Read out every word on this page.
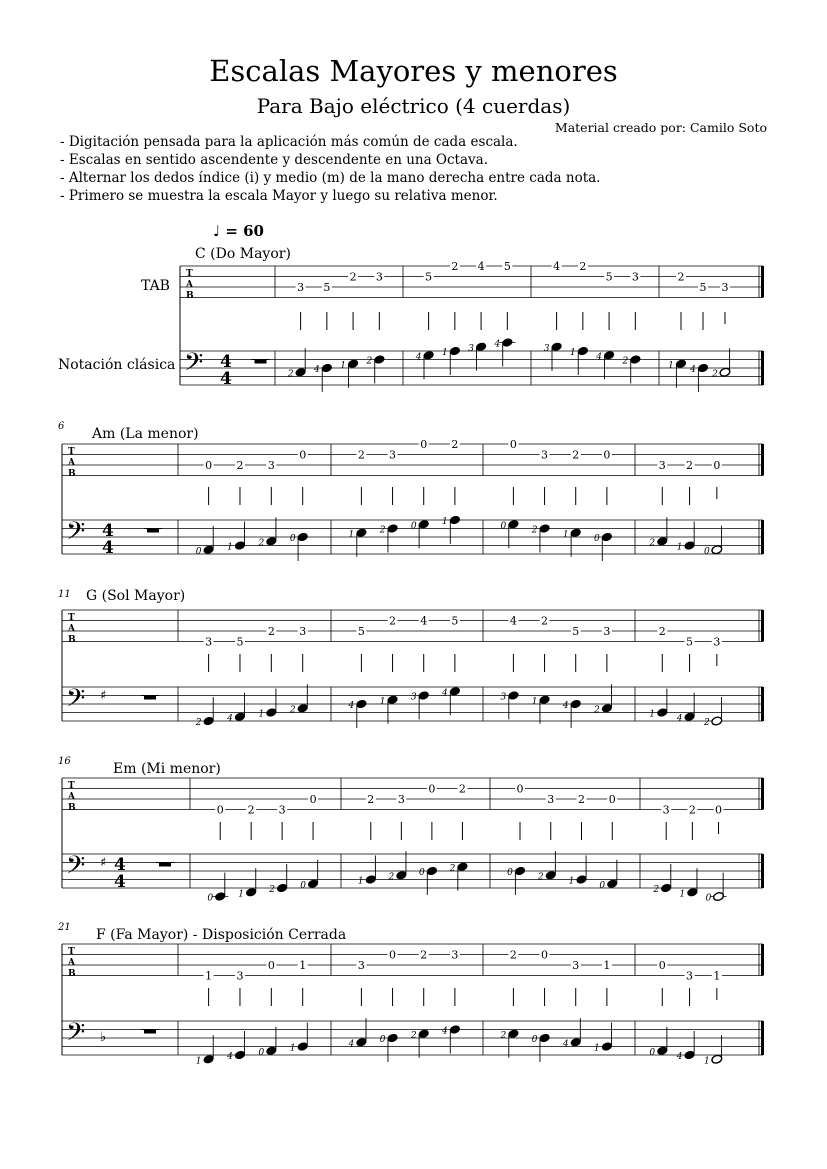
Escalas Mayores y menores
Para Bajo eléctrico (4 cuerdas)
Material creado por: Camilo Soto
- Digitación pensada para la aplicación más común de cada escala.
- Escalas en sentido ascendente y descendente en una Octava.
- Alternar los dedos índice (i) y medio (m) de la mano derecha entre cada nota.
- Primero se muestra la escala Mayor y luego su relativa menor.
♩ = 60
TAB
Notación clásica
C (Do Mayor)
6 Am (La menor)
11 G (Sol Mayor)
16	Em (Mi menor)
21 F (Fa Mayor) - Disposición Cerrada
T
A
B
𝄢 4
4
3
2
5
4
2
1
3
2
5
4
2
1
4
3
5
4
4
3
2
1
5
4
3
2
2
1
5
4
3
2
T
A
B
𝄢 4
4
0
0
2
1
3
2
0
0
2
1
3
2
0
0
2
1
0
0
3
2
2
1
0
0
3
2
2
1
0
0
T
A
B
𝄢 ♯
3
2
5
4
2
1
3
2
5
4
2
1
4
3
5
4
4
3
2
1
5
4
3
2
2
1
5
4
3
2
T
A
B
𝄢 ♯ 4
4
0
0
2
1
3
2
0
0
2
1
3
2
0
0
2
2
0
0
3
2
2
1
0
0
3
2
2
1
0
0
T
A
B
𝄢 ♭
1
1
3
4
0
0
1
1
3
4
0
0
2
2
3
4
2
2
0
0
3
4
1
1
0
0
3
4
1
1
